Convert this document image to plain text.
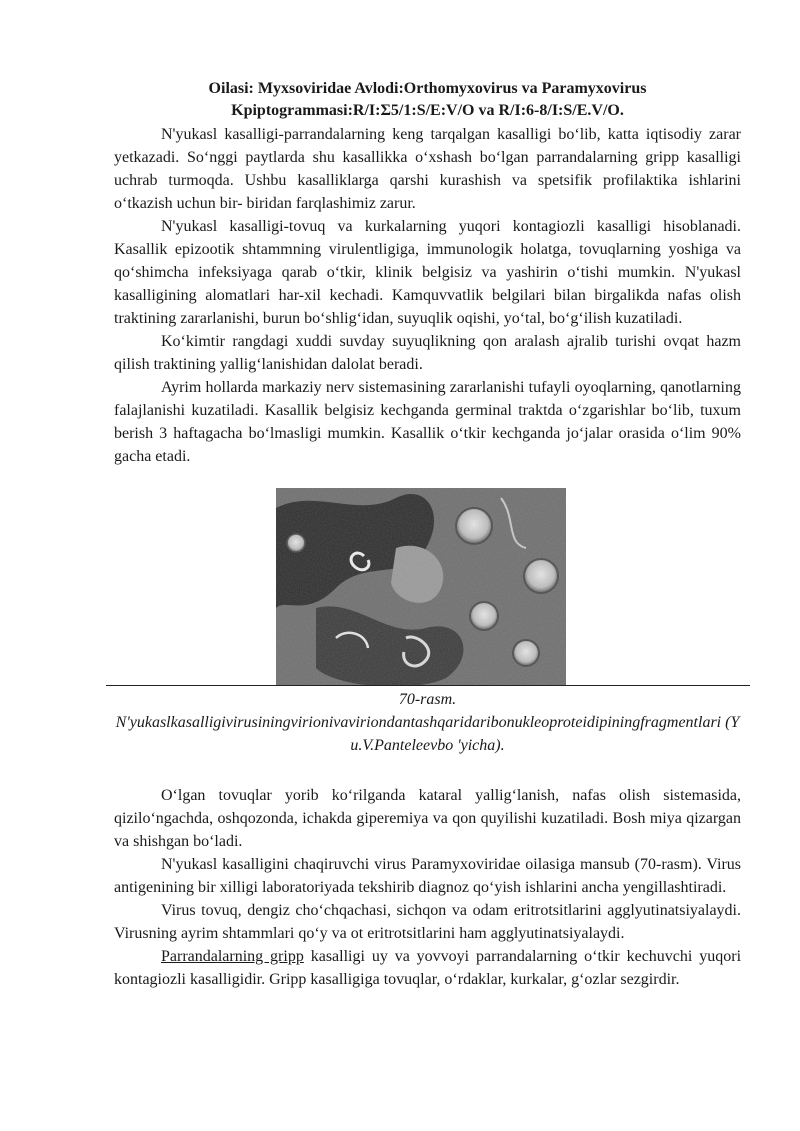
Oilasi: Myxsoviridae Avlodi:Orthomyxovirus va Paramyxovirus
Kpiptogrammasi:R/I:Σ5/1:S/E:V/O va R/I:6-8/I:S/E.V/O.

N'yukasl kasalligi-parrandalarning keng tarqalgan kasalligi bo‘lib, katta iqtisodiy zarar yetkazadi. So‘nggi paytlarda shu kasallikka o‘xshash bo‘lgan parrandalarning gripp kasalligi uchrab turmoqda. Ushbu kasalliklarga qarshi kurashish va spetsifik profilaktika ishlarini o‘tkazish uchun bir- biridan farqlashimiz zarur.

N'yukasl kasalligi-tovuq va kurkalarning yuqori kontagiozli kasalligi hisoblanadi. Kasallik epizootik shtammning virulentligiga, immunologik holatga, tovuqlarning yoshiga va qo‘shimcha infeksiyaga qarab o‘tkir, klinik belgisiz va yashirin o‘tishi mumkin. N'yukasl kasalligining alomatlari har-xil kechadi. Kamquvvatlik belgilari bilan birgalikda nafas olish traktining zararlanishi, burun bo‘shlig‘idan, suyuqlik oqishi, yo‘tal, bo‘g‘ilish kuzatiladi.

Ko‘kimtir rangdagi xuddi suvday suyuqlikning qon aralash ajralib turishi ovqat hazm qilish traktining yallig‘lanishidan dalolat beradi.

Ayrim hollarda markaziy nerv sistemasining zararlanishi tufayli oyoqlarning, qanotlarning falajlanishi kuzatiladi. Kasallik belgisiz kechganda germinal traktda o‘zgarishlar bo‘lib, tuxum berish 3 haftagacha bo‘lmasligi mumkin. Kasallik o‘tkir kechganda jo‘jalar orasida o‘lim 90% gacha etadi.

70-rasm.
N'yukaslkasalligivirusiningvirionivaviriondantashqaridaribonukleoproteidipiningfragmentlari (Yu.V.Panteleevbo 'yicha).

O‘lgan tovuqlar yorib ko‘rilganda kataral yallig‘lanish, nafas olish sistemasida, qizilo‘ngachda, oshqozonda, ichakda giperemiya va qon quyilishi kuzatiladi. Bosh miya qizargan va shishgan bo‘ladi.

N'yukasl kasalligini chaqiruvchi virus Paramyxoviridae oilasiga mansub (70-rasm). Virus antigenining bir xilligi laboratoriyada tekshirib diagnoz qo‘yish ishlarini ancha yengillashtiradi.

Virus tovuq, dengiz cho‘chqachasi, sichqon va odam eritrotsitlarini agglyutinatsiyalaydi. Virusning ayrim shtammlari qo‘y va ot eritrotsitlarini ham agglyutinatsiyalaydi.

Parrandalarning gripp kasalligi uy va yovvoyi parrandalarning o‘tkir kechuvchi yuqori kontagiozli kasalligidir. Gripp kasalligiga tovuqlar, o‘rdaklar, kurkalar, g‘ozlar sezgirdir.
